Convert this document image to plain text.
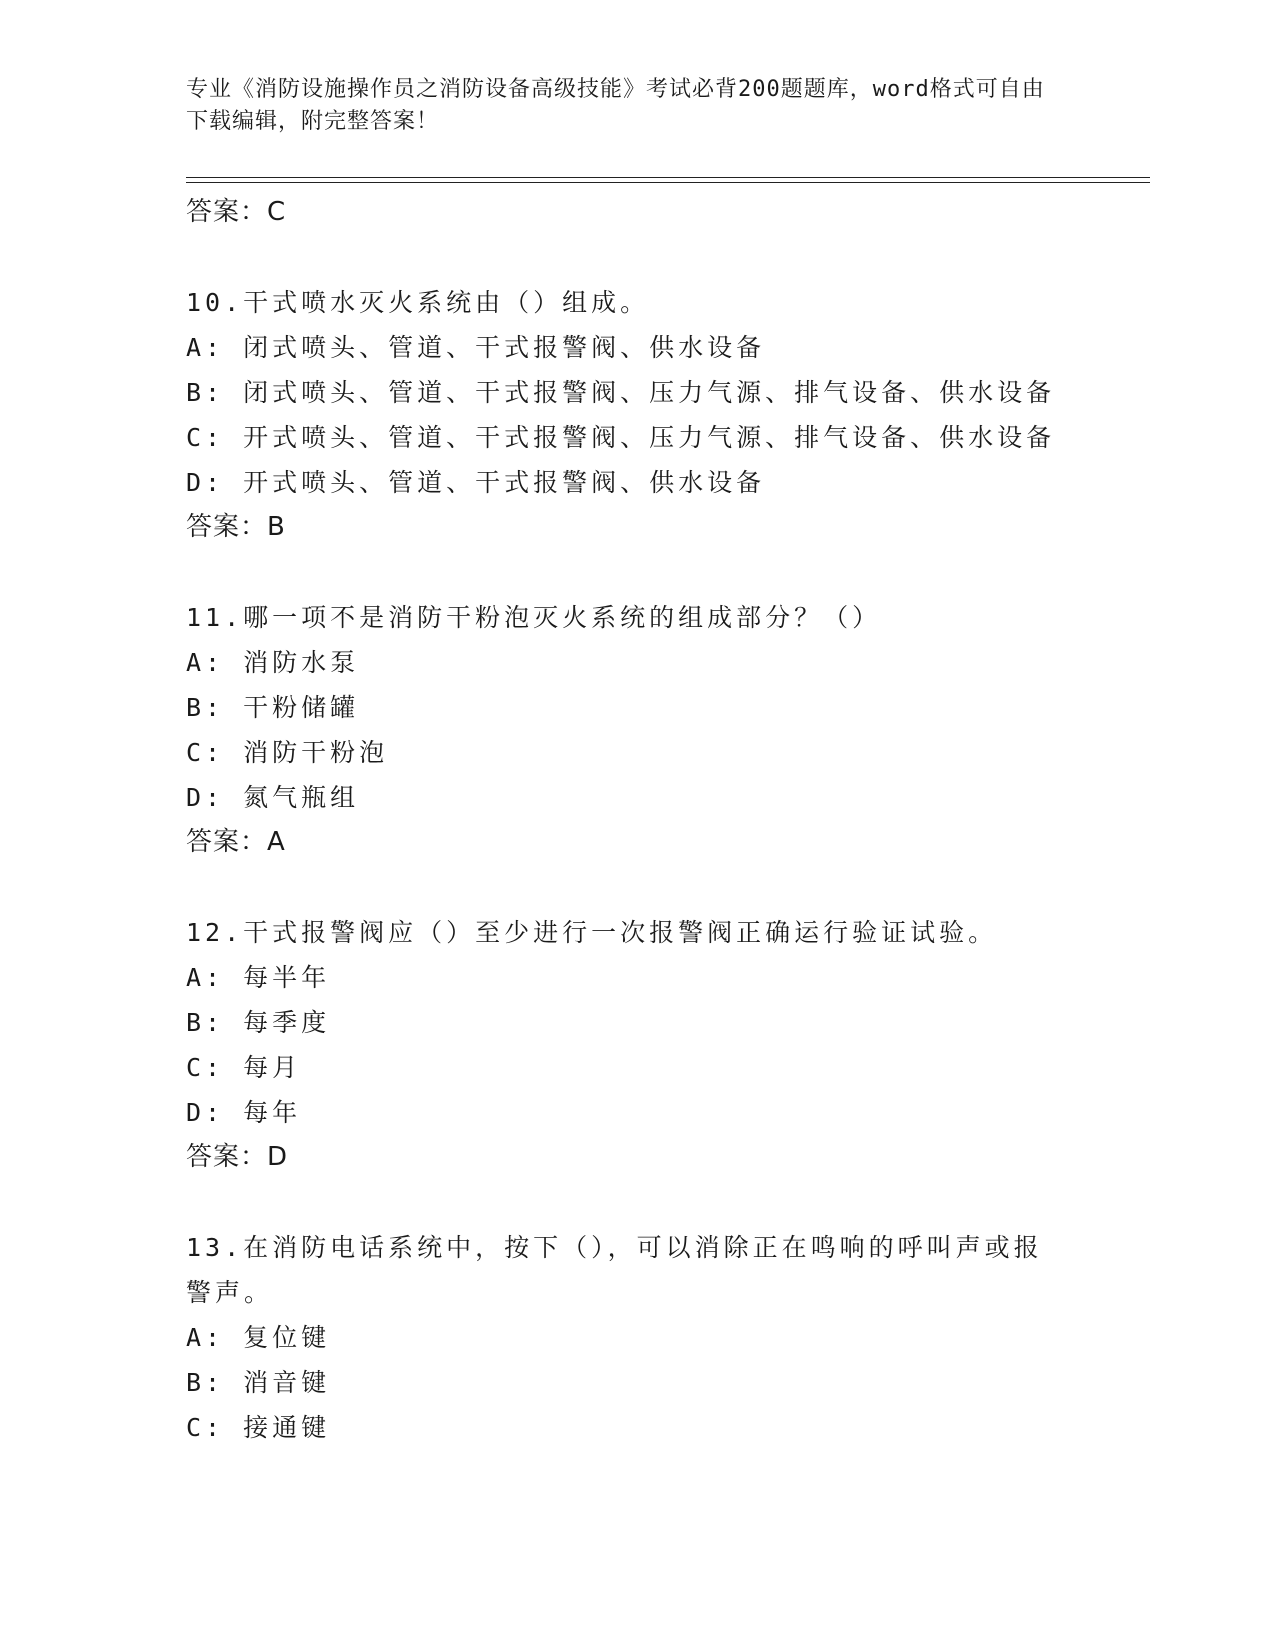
专业《消防设施操作员之消防设备高级技能》考试必背200题题库，word格式可自由下载编辑，附完整答案！
答案：C
10.干式喷水灭火系统由（）组成。
A: 闭式喷头、管道、干式报警阀、供水设备
B: 闭式喷头、管道、干式报警阀、压力气源、排气设备、供水设备
C: 开式喷头、管道、干式报警阀、压力气源、排气设备、供水设备
D: 开式喷头、管道、干式报警阀、供水设备
答案：B
11.哪一项不是消防干粉泡灭火系统的组成部分？（）
A: 消防水泵
B: 干粉储罐
C: 消防干粉泡
D: 氮气瓶组
答案：A
12.干式报警阀应（）至少进行一次报警阀正确运行验证试验。
A: 每半年
B: 每季度
C: 每月
D: 每年
答案：D
13.在消防电话系统中，按下（），可以消除正在鸣响的呼叫声或报警声。
A: 复位键
B: 消音键
C: 接通键
